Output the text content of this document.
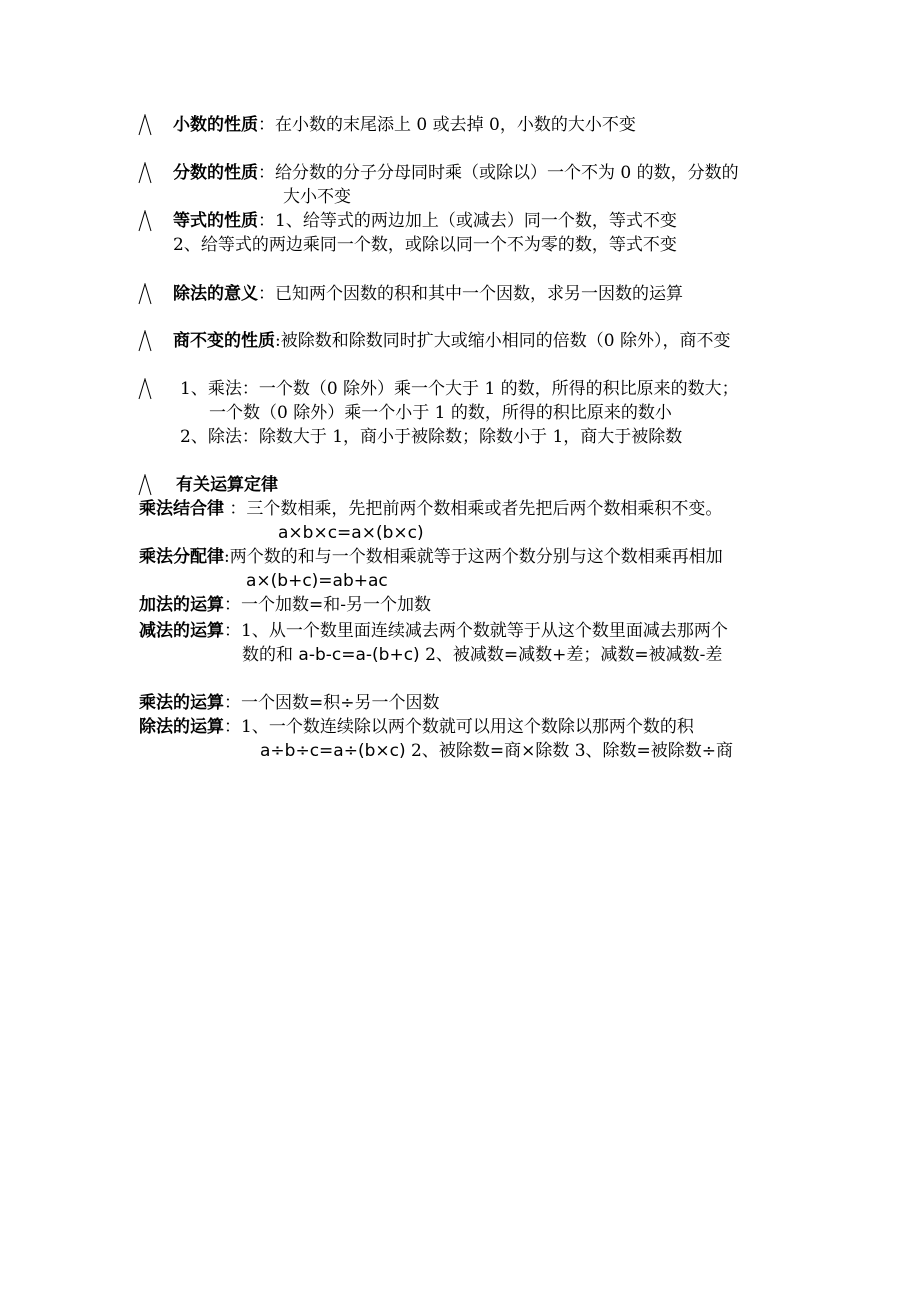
小数的性质：在小数的末尾添上 0 或去掉 0，小数的大小不变
分数的性质：给分数的分子分母同时乘（或除以）一个不为 0 的数，分数的
大小不变
等式的性质：1、给等式的两边加上（或减去）同一个数，等式不变
2、给等式的两边乘同一个数，或除以同一个不为零的数，等式不变
除法的意义：已知两个因数的积和其中一个因数，求另一因数的运算
商不变的性质:被除数和除数同时扩大或缩小相同的倍数（0 除外），商不变
1、乘法：一个数（0 除外）乘一个大于 1 的数，所得的积比原来的数大；
一个数（0 除外）乘一个小于 1 的数，所得的积比原来的数小
2、除法：除数大于 1，商小于被除数；除数小于 1，商大于被除数
有关运算定律
乘法结合律 ：三个数相乘，先把前两个数相乘或者先把后两个数相乘积不变。
a×b×c=a×(b×c)
乘法分配律:两个数的和与一个数相乘就等于这两个数分别与这个数相乘再相加
a×(b+c)=ab+ac
加法的运算：一个加数=和-另一个加数
减法的运算：1、从一个数里面连续减去两个数就等于从这个数里面减去那两个
数的和 a-b-c=a-(b+c) 2、被减数=减数+差；减数=被减数-差
乘法的运算：一个因数=积÷另一个因数
除法的运算：1、一个数连续除以两个数就可以用这个数除以那两个数的积
a÷b÷c=a÷(b×c) 2、被除数=商×除数 3、除数=被除数÷商
